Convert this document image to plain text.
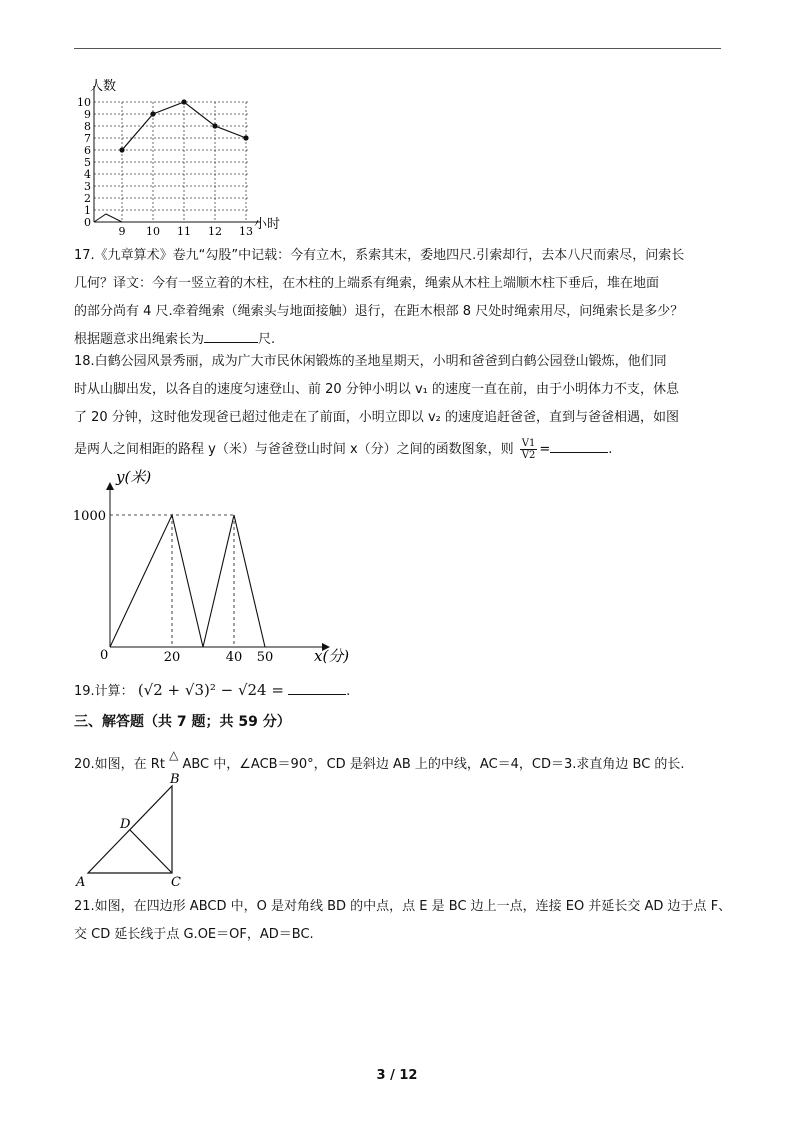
0
1
2
3
4
5
6
7
8
9
10
9 10 11 12 13
人数
小时
17.《九章算术》卷九“勾股”中记载：今有立木，系索其末，委地四尺.引索却行，去本八尺而索尽，问索长
几何？译文：今有一竖立着的木柱，在木柱的上端系有绳索，绳索从木柱上端顺木柱下垂后，堆在地面
的部分尚有 4 尺.牵着绳索（绳索头与地面接触）退行，在距木根部 8 尺处时绳索用尽，问绳索长是多少？
根据题意求出绳索长为	尺.
18.白鹤公园风景秀丽，成为广大市民休闲锻炼的圣地星期天，小明和爸爸到白鹤公园登山锻炼，他们同
时从山脚出发，以各自的速度匀速登山、前 20 分钟小明以 v₁ 的速度一直在前，由于小明体力不支，休息
了 20 分钟，这时他发现爸已超过他走在了前面，小明立即以 v₂ 的速度追赶爸爸，直到与爸爸相遇，如图
是两人之间相距的路程 y（米）与爸爸登山时间 x（分）之间的函数图象，则 $\frac{V1}{V2}$ =	.
20	40 50
1000
0
y(米)
x(分)
19.计算： (√2 + √3)² − √24 =	.
三、解答题（共 7 题；共 59 分）
20.如图，在 Rt △ ABC 中，∠ACB＝90°，CD 是斜边 AB 上的中线，AC＝4，CD＝3.求直角边 BC 的长.
A
B
C
D
21.如图，在四边形 ABCD 中，O 是对角线 BD 的中点，点 E 是 BC 边上一点，连接 EO 并延长交 AD 边于点 F、
交 CD 延长线于点 G.OE＝OF，AD＝BC.
3 / 12
